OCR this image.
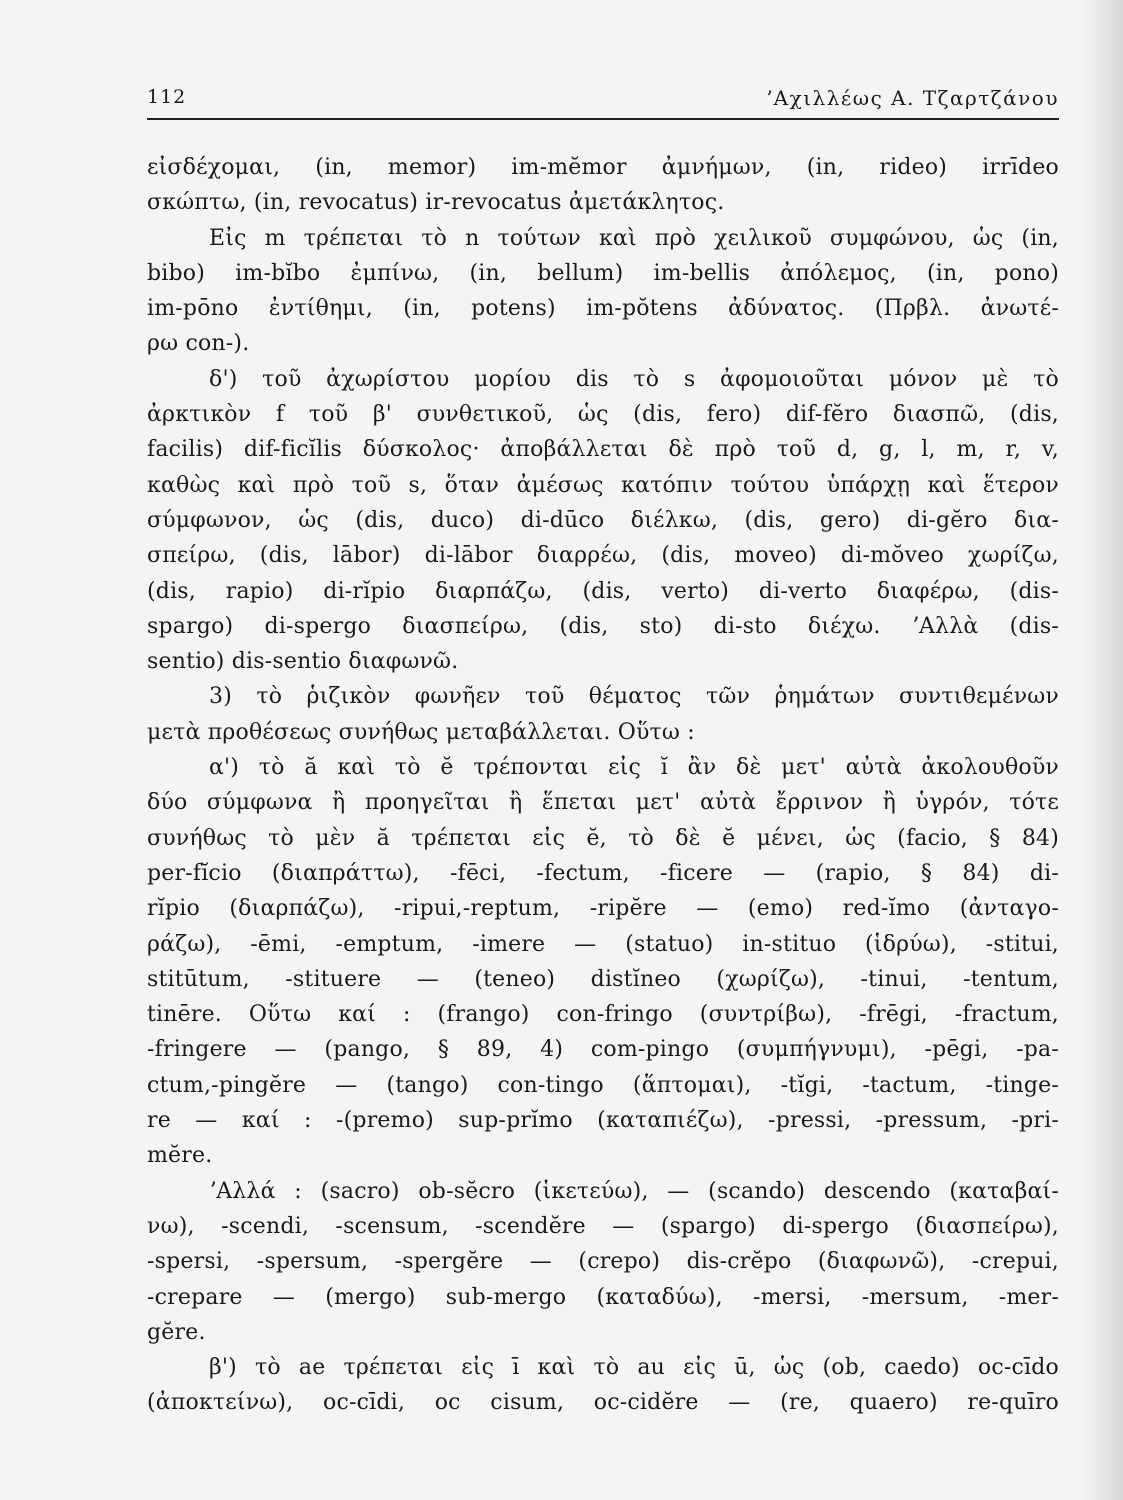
112	ʼΑχιλλέως Α. Τζαρτζάνου
εἰσδέχομαι, (in, memor) im-mĕmor ἀμνήμων, (in, rideo) irrīdeo
σκώπτω, (in, revocatus) ir-revocatus ἀμετάκλητος.
Εἰς m τρέπεται τὸ n τούτων καὶ πρὸ χειλικοῦ συμφώνου, ὡς (in,
bibo) im-bĭbo ἐμπίνω, (in, bellum) im-bellis ἀπόλεμος, (in, pono)
im-pōno ἐντίθημι, (in, potens) im-pŏtens ἀδύνατος. (Πρβλ. ἀνωτέ-
ρω con-).
δ') τοῦ ἀχωρίστου μορίου dis τὸ s ἀφομοιοῦται μόνον μὲ τὸ
ἀρκτικὸν f τοῦ β' συνθετικοῦ, ὡς (dis, fero) dif-fĕro διασπῶ, (dis,
facilis) dif-ficĭlis δύσκολος· ἀποβάλλεται δὲ πρὸ τοῦ d, g, l, m, r, v,
καθὼς καὶ πρὸ τοῦ s, ὅταν ἀμέσως κατόπιν τούτου ὑπάρχῃ καὶ ἕτερον
σύμφωνον, ὡς (dis, duco) di-dūco διέλκω, (dis, gero) di-gĕro δια-
σπείρω, (dis, lābor) di-lābor διαρρέω, (dis, moveo) di-mŏveo χωρίζω,
(dis, rapio) di-rĭpio διαρπάζω, (dis, verto) di-verto διαφέρω, (dis-
spargo) di-spergo διασπείρω, (dis, sto) di-sto διέχω. ʼΑλλὰ (dis-
sentio) dis-sentio διαφωνῶ.
3) τὸ ῥιζικὸν φωνῆεν τοῦ θέματος τῶν ῥημάτων συντιθεμένων
μετὰ προθέσεως συνήθως μεταβάλλεται. Οὕτω :
α') τὸ ă καὶ τὸ ĕ τρέπονται εἰς ĭ ἂν δὲ μετ' αὐτὰ ἀκολουθοῦν
δύο σύμφωνα ἢ προηγεῖται ἢ ἕπεται μετ' αὐτὰ ἔρρινον ἢ ὑγρόν, τότε
συνήθως τὸ μὲν ă τρέπεται εἰς ĕ, τὸ δὲ ĕ μένει, ὡς (facio, § 84)
per-fĭcio (διαπράττω), -fēci, -fectum, -ficere — (rapio, § 84) di-
rĭpio (διαρπάζω), -ripui,-reptum, -ripĕre — (emo) red-ĭmo (ἀνταγο-
ράζω), -ēmi, -emptum, -imere — (statuo) in-stituo (ἱδρύω), -stitui,
stitūtum, -stituere — (teneo) distĭneo (χωρίζω), -tinui, -tentum,
tinēre. Οὕτω καί : (frango) con-fringo (συντρίβω), -frēgi, -fractum,
-fringere — (pango, § 89, 4) com-pingo (συμπήγνυμι), -pēgi, -pa-
ctum,-pingĕre — (tango) con-tingo (ἅπτομαι), -tĭgi, -tactum, -tinge-
re — καί : -(premo) sup-prĭmo (καταπιέζω), -pressi, -pressum, -pri-
mĕre.
ʼΑλλά : (sacro) ob-sĕcro (ἱκετεύω), — (scando) descendo (καταβαί-
νω), -scendi, -scensum, -scendĕre — (spargo) di-spergo (διασπείρω),
-spersi, -spersum, -spergĕre — (crepo) dis-crĕpo (διαφωνῶ), -crepui,
-crepare — (mergo) sub-mergo (καταδύω), -mersi, -mersum, -mer-
gĕre.
β') τὸ ae τρέπεται εἰς ī καὶ τὸ au εἰς ū, ὡς (ob, caedo) oc-cīdo
(ἀποκτείνω), oc-cīdi, oc cisum, oc-cidĕre — (re, quaero) re-quīro
